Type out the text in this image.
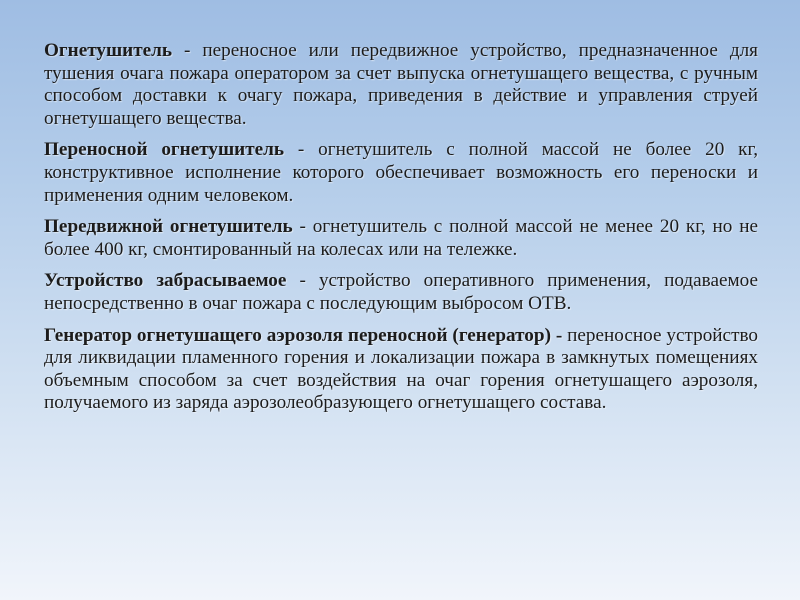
Огнетушитель - переносное или передвижное устройство, предназначенное для тушения очага пожара оператором за счет выпуска огнетушащего вещества, с ручным способом доставки к очагу пожара, приведения в действие и управления струей огнетушащего вещества.

Переносной огнетушитель - огнетушитель с полной массой не более 20 кг, конструктивное исполнение которого обеспечивает возможность его переноски и применения одним человеком.

Передвижной огнетушитель - огнетушитель с полной массой не менее 20 кг, но не более 400 кг, смонтированный на колесах или на тележке.

Устройство забрасываемое - устройство оперативного применения, подаваемое непосредственно в очаг пожара с последующим выбросом ОТВ.

Генератор огнетушащего аэрозоля переносной (генератор) - переносное устройство для ликвидации пламенного горения и локализации пожара в замкнутых помещениях объемным способом за счет воздействия на очаг горения огнетушащего аэрозоля, получаемого из заряда аэрозолеобразующего огнетушащего состава.
